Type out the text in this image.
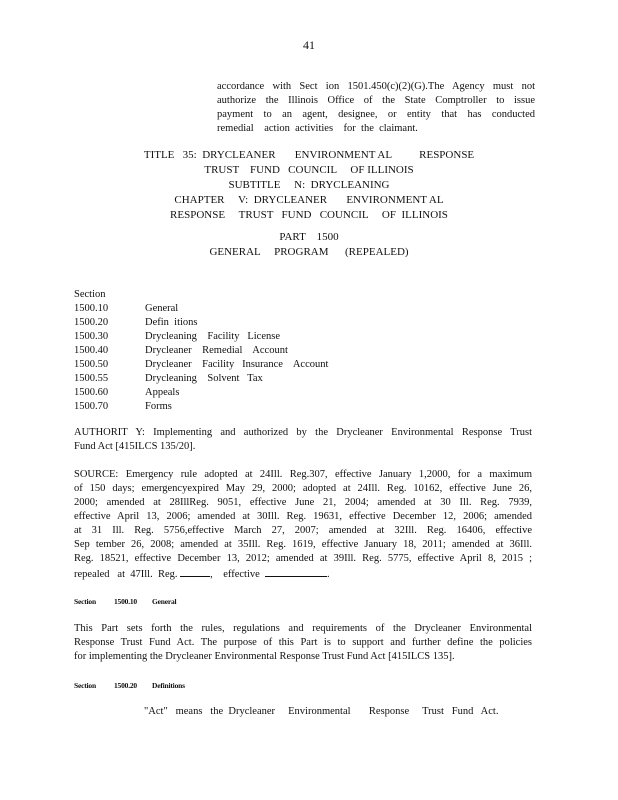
41
accordance with Sect ion 1501.450(c)(2)(G).The Agency must not
authorize the Illinois Office of the State Comptroller to issue
payment to an agent, designee, or entity that has conducted
remedial    action  activities    for  the  claimant.
TITLE   35:  DRYCLEANER       ENVIRONMENT AL          RESPONSE
TRUST    FUND   COUNCIL     OF ILLINOIS
SUBTITLE     N:  DRYCLEANING
CHAPTER     V:  DRYCLEANER       ENVIRONMENT AL
RESPONSE     TRUST   FUND   COUNCIL     OF  ILLINOIS
PART    1500
GENERAL     PROGRAM      (REPEALED)
Section
1500.10	General
1500.20	Defin  itions
1500.30	Drycleaning    Facility   License
1500.40	Drycleaner    Remedial    Account
1500.50	Drycleaner    Facility   Insurance    Account
1500.55	Drycleaning    Solvent   Tax
1500.60	Appeals
1500.70	Forms
AUTHORIT Y: Implementing and authorized by the Drycleaner Environmental Response Trust
Fund Act [415ILCS 135/20].
SOURCE: Emergency rule adopted at 24Ill. Reg.307, effective January 1,2000, for a maximum
of 150 days; emergencyexpired May 29, 2000; adopted at 24Ill. Reg. 10162, effective June 26,
2000; amended at 28IllReg. 9051, effective June 21, 2004; amended at 30 Ill. Reg. 7939,
effective April 13, 2006; amended at 30Ill. Reg. 19631, effective December 12, 2006; amended
at 31 Ill. Reg. 5756,effective March 27, 2007; amended at 32Ill. Reg. 16406, effective
Sep tember 26, 2008; amended at 35Ill. Reg. 1619, effective January 18, 2011; amended at 36Ill.
Reg. 18521, effective December 13, 2012; amended at 39Ill. Reg. 5775, effective April 8, 2015 ;
repealed   at  47Ill.  Reg.	,    effective	.
Section 1500.10 General
This Part sets forth the rules, regulations and requirements of the Drycleaner Environmental
Response Trust Fund Act. The purpose of this Part is to support and further define the policies
for implementing the Drycleaner Environmental Response Trust Fund Act [415ILCS 135].
Section 1500.20 Definitions
"Act"   means   the  Drycleaner     Environmental       Response     Trust   Fund   Act.
